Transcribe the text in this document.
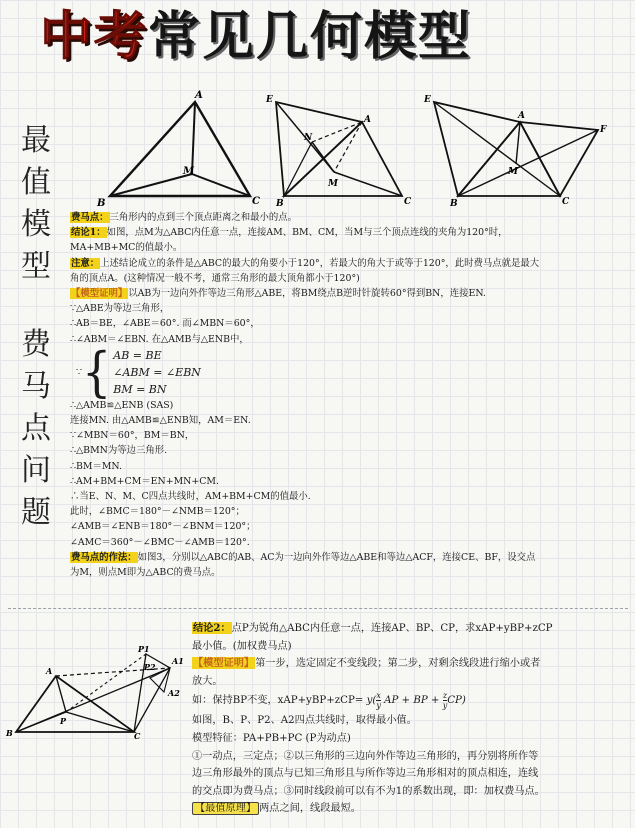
中考常见几何模型
最
值
模
型
费
马
点
问
题
A
B	C
M
E
A
N
M
B	C
E
A
F
M
B	C

费马点：三角形内的点到三个顶点距离之和最小的点。

结论1：如图，点M为△ABC内任意一点，连接AM、BM、CM，当M与三个顶点连线的夹角为120°时，

MA+MB+MC的值最小。

注意：上述结论成立的条件是△ABC的最大的角要小于120°，若最大的角大于或等于120°，此时费马点就是最大

角的顶点A。(这种情况一般不考，通常三角形的最大顶角都小于120°)

【模型证明】以AB为一边向外作等边三角形△ABE，将BM绕点B逆时针旋转60°得到BN，连接EN.

∵△ABE为等边三角形，

∴AB＝BE，∠ABE＝60°. 而∠MBN＝60°，

∴∠ABM＝∠EBN. 在△AMB与△ENB中，

∵ { AB = BE
∠ABM = ∠EBN
BM = BN

∴△AMB≌△ENB (SAS)

连接MN. 由△AMB≌△ENB知，AM＝EN.

∵∠MBN＝60°，BM＝BN，

∴△BMN为等边三角形.

∴BM＝MN.

∴AM+BM+CM＝EN+MN+CM.

∴当E、N、M、C四点共线时，AM+BM+CM的值最小.

此时，∠BMC＝180°－∠NMB＝120°；

∠AMB＝∠ENB＝180°－∠BNM＝120°；

∠AMC＝360°－∠BMC－∠AMB＝120°.

费马点的作法：如图3，分别以△ABC的AB、AC为一边向外作等边△ABE和等边△ACF，连接CE、BF，设交点

为M，则点M即为△ABC的费马点。

P1
P2
A1
A
A2
P
B	C

结论2：点P为锐角△ABC内任意一点，连接AP、BP、CP，求xAP+yBP+zCP

最小值。(加权费马点)

【模型证明】第一步，选定固定不变线段；第二步，对剩余线段进行缩小或者

放大。

如：保持BP不变，$xAP+yBP+zCP= y( \frac{x}{y}$ AP + BP + $\frac{z}{y} CP$)

如图，B、P、P2、A2四点共线时，取得最小值。

模型特征：PA+PB+PC (P为动点)

①一动点，三定点；②以三角形的三边向外作等边三角形的，再分别将所作等

边三角形最外的顶点与已知三角形且与所作等边三角形相对的顶点相连，连线

的交点即为费马点；③同时线段前可以有不为1的系数出现，即：加权费马点。

【最值原理】 两点之间，线段最短。
